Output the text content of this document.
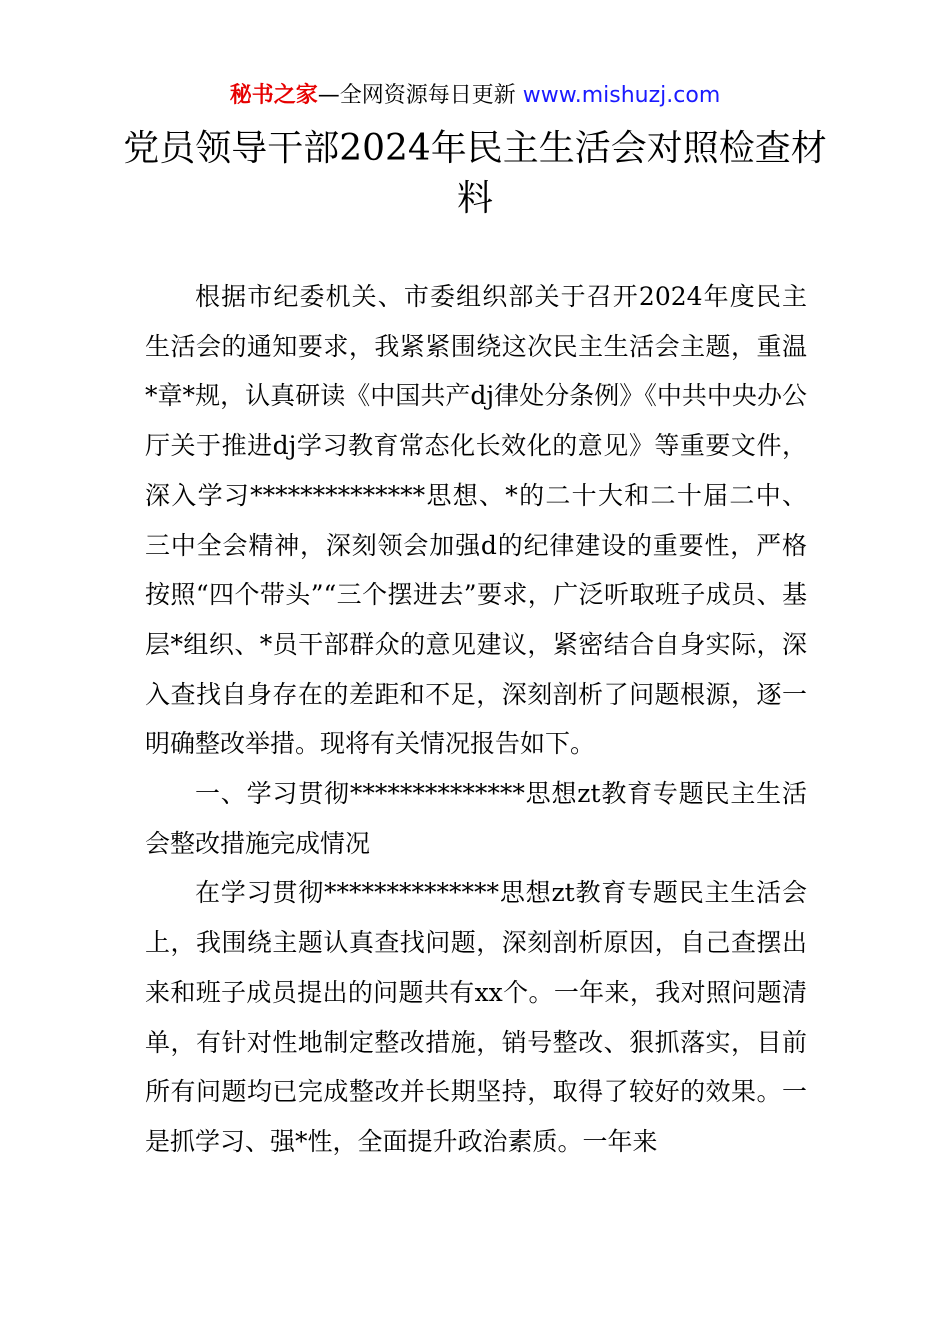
秘书之家—全网资源每日更新 www.mishuzj.com
党员领导干部2024年民主生活会对照检查材料

根据市纪委机关、市委组织部关于召开2024年度民主生活会的通知要求，我紧紧围绕这次民主生活会主题，重温*章*规，认真研读《中国共产dj律处分条例》《中共中央办公厅关于推进dj学习教育常态化长效化的意见》等重要文件，深入学习**************思想、*的二十大和二十届二中、三中全会精神，深刻领会加强d的纪律建设的重要性，严格按照“四个带头”“三个摆进去”要求，广泛听取班子成员、基层*组织、*员干部群众的意见建议，紧密结合自身实际，深入查找自身存在的差距和不足，深刻剖析了问题根源，逐一明确整改举措。现将有关情况报告如下。

一、学习贯彻**************思想zt教育专题民主生活会整改措施完成情况

在学习贯彻**************思想zt教育专题民主生活会上，我围绕主题认真查找问题，深刻剖析原因，自己查摆出来和班子成员提出的问题共有xx个。一年来，我对照问题清单，有针对性地制定整改措施，销号整改、狠抓落实，目前所有问题均已完成整改并长期坚持，取得了较好的效果。一是抓学习、强*性，全面提升政治素质。一年来
